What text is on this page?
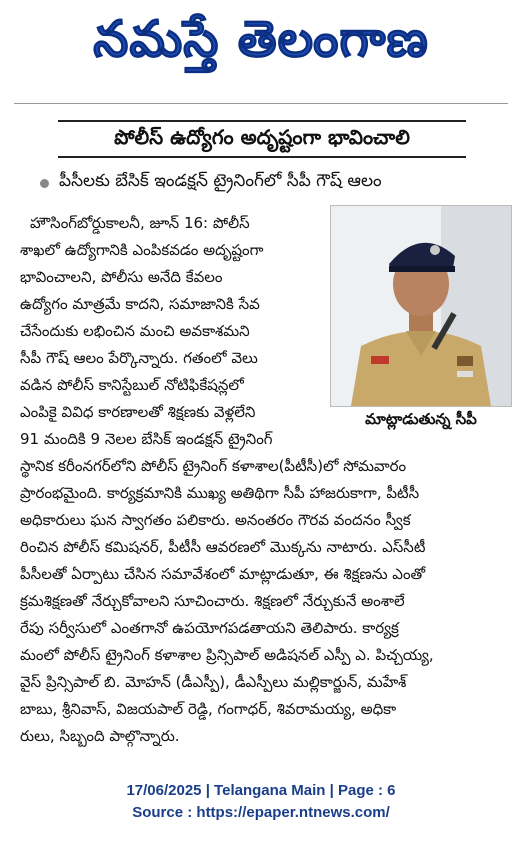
నమస్తే తెలంగాణ
పోలీస్ ఉద్యోగం అదృష్టంగా భావించాలి
పీసీలకు బేసిక్ ఇండక్షన్ ట్రైనింగ్‌లో సీపీ గౌష్ ఆలం
మాట్లాడుతున్న సీపీ
హౌసింగ్‌బోర్డుకాలనీ, జూన్ 16: పోలీస్
శాఖలో ఉద్యోగానికి ఎంపికవడం అదృష్టంగా
భావించాలని, పోలీసు అనేది కేవలం
ఉద్యోగం మాత్రమే కాదని, సమాజానికి సేవ
చేసేందుకు లభించిన మంచి అవకాశమని
సీపీ గౌష్ ఆలం పేర్కొన్నారు. గతంలో వెలు
వడిన పోలీస్ కానిస్టేబుల్ నోటిఫికేషన్లలో
ఎంపికై వివిధ కారణాలతో శిక్షణకు వెళ్లలేని
91 మందికి 9 నెలల బేసిక్ ఇండక్షన్ ట్రైనింగ్
స్థానిక కరీంనగర్‌లోని పోలీస్ ట్రైనింగ్ కళాశాల(పీటీసీ)లో సోమవారం
ప్రారంభమైంది. కార్యక్రమానికి ముఖ్య అతిథిగా సీపీ హాజరుకాగా, పీటీసీ
అధికారులు ఘన స్వాగతం పలికారు. అనంతరం గౌరవ వందనం స్వీక
రించిన పోలీస్ కమిషనర్, పీటీసీ ఆవరణలో మొక్కను నాటారు. ఎస్‌సీటీ
పీసీలతో ఏర్పాటు చేసిన సమావేశంలో మాట్లాడుతూ, ఈ శిక్షణను ఎంతో
క్రమశిక్షణతో నేర్చుకోవాలని సూచించారు. శిక్షణలో నేర్చుకునే అంశాలే
రేపు సర్వీసులో ఎంతగానో ఉపయోగపడతాయని తెలిపారు. కార్యక్ర
మంలో పోలీస్ ట్రైనింగ్ కళాశాల ప్రిన్సిపాల్ అడిషనల్ ఎస్పీ ఎ. పిచ్చయ్య,
వైస్ ప్రిన్సిపాల్ బి. మోహన్ (డీఎస్పీ), డీఎస్పీలు మల్లికార్జున్, మహేశ్
బాబు, శ్రీనివాస్, విజయపాల్ రెడ్డి, గంగాధర్, శివరామయ్య, అధికా
రులు, సిబ్బంది పాల్గొన్నారు.
17/06/2025 | Telangana Main | Page : 6
Source : https://epaper.ntnews.com/
